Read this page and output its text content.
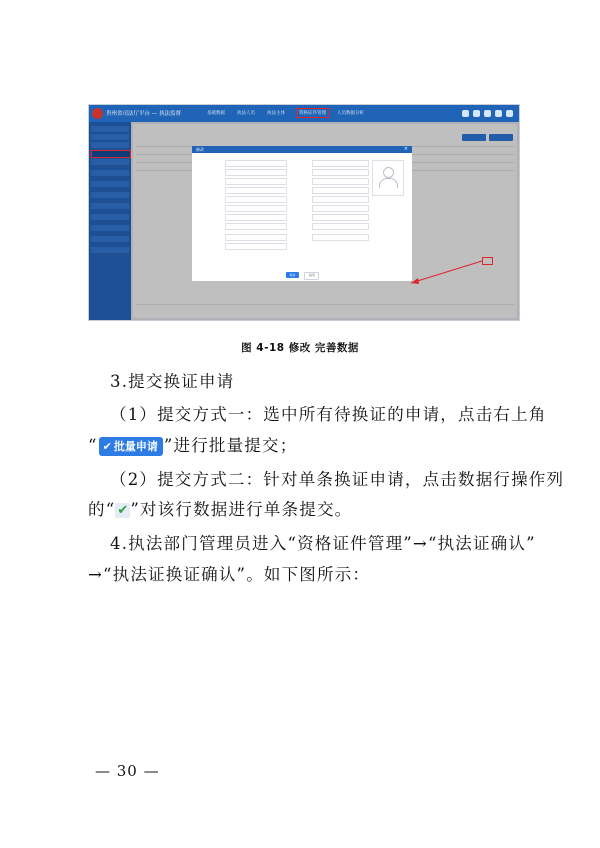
贵州省司法厅平台 — 执法监督	基础数据	执法人员	执法主体	资格证件管理	人员数据分析
修改	×
保存	关闭
图 4-18 修改 完善数据
3.提交换证申请
（1）提交方式一：选中所有待换证的申请，点击右上角
“ ✔ 批量申请 ”进行批量提交；
（2）提交方式二：针对单条换证申请，点击数据行操作列
的“ ✔ ”对该行数据进行单条提交。
4.执法部门管理员进入“资格证件管理”→“执法证确认”
→“执法证换证确认”。如下图所示：
— 30 —
